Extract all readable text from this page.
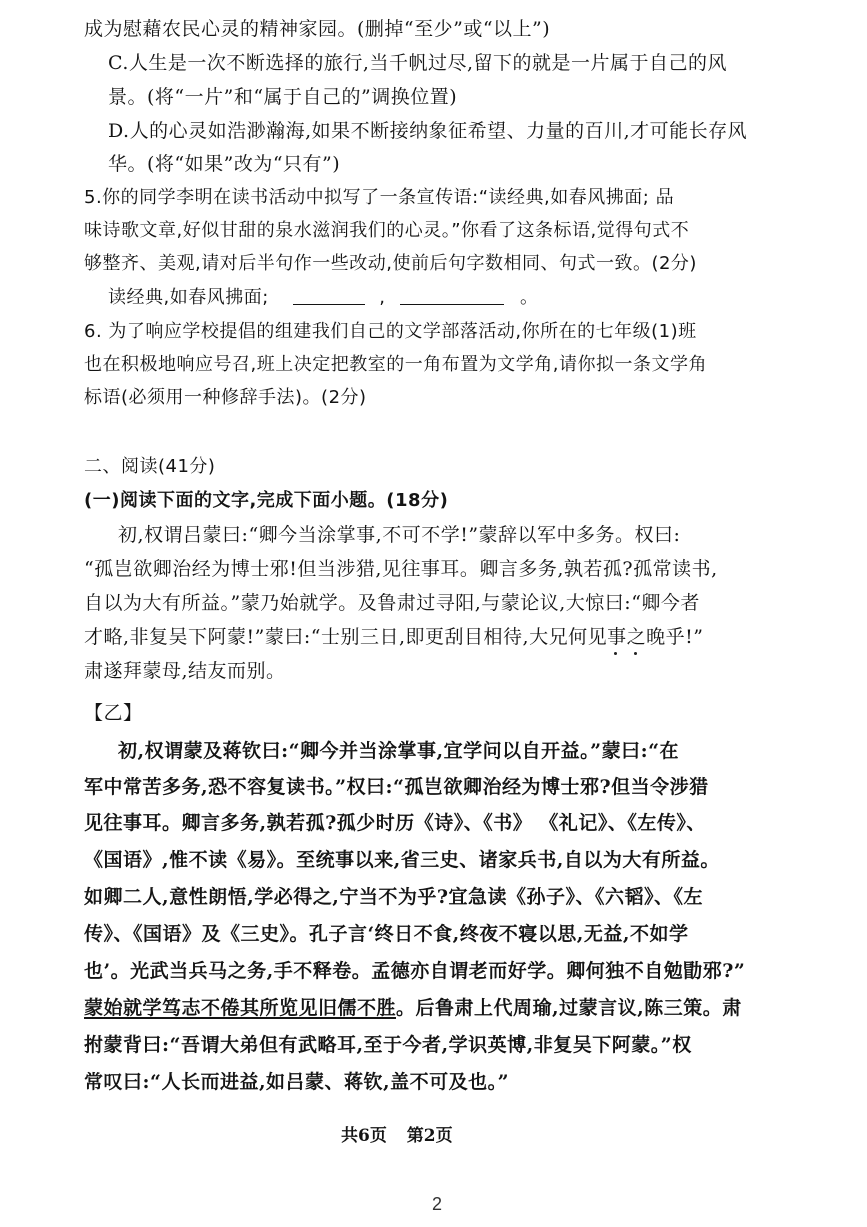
成为慰藉农民心灵的精神家园。(删掉“至少”或“以上”)
C.人生是一次不断选择的旅行,当千帆过尽,留下的就是一片属于自己的风
景。(将“一片”和“属于自己的”调换位置)
D.人的心灵如浩渺瀚海,如果不断接纳象征希望、力量的百川,才可能长存风
华。(将“如果”改为“只有”)
5.你的同学李明在读书活动中拟写了一条宣传语:“读经典,如春风拂面; 品
味诗歌文章,好似甘甜的泉水滋润我们的心灵。”你看了这条标语,觉得句式不
够整齐、美观,请对后半句作一些改动,使前后句字数相同、句式一致。(2分)
读经典,如春风拂面;	,	。
6. 为了响应学校提倡的组建我们自己的文学部落活动,你所在的七年级(1)班
也在积极地响应号召,班上决定把教室的一角布置为文学角,请你拟一条文学角
标语(必须用一种修辞手法)。(2分)
二、阅读(41分)
(一)阅读下面的文字,完成下面小题。(18分)
初,权谓吕蒙曰:“卿今当涂掌事,不可不学!”蒙辞以军中多务。权曰:
“孤岂欲卿治经为博士邪!但当涉猎,见往事耳。卿言多务,孰若孤?孤常读书,
自以为大有所益。”蒙乃始就学。及鲁肃过寻阳,与蒙论议,大惊曰:“卿今者
才略,非复吴下阿蒙!”蒙曰:“士别三日,即更刮目相待,大兄何见事之晚乎!”
肃遂拜蒙母,结友而别。
【乙】
初,权谓蒙及蒋钦曰:“卿今并当涂掌事,宜学问以自开益。”蒙曰:“在
军中常苦多务,恐不容复读书。”权曰:“孤岂欲卿治经为博士邪?但当令涉猎
见往事耳。卿言多务,孰若孤?孤少时历《诗》、《书》 《礼记》、《左传》、
《国语》,惟不读《易》。至统事以来,省三史、诸家兵书,自以为大有所益。
如卿二人,意性朗悟,学必得之,宁当不为乎?宜急读《孙子》、《六韬》、《左
传》、《国语》及《三史》。孔子言‘终日不食,终夜不寝以思,无益,不如学
也’。光武当兵马之务,手不释卷。孟德亦自谓老而好学。卿何独不自勉勖邪?”
蒙始就学笃志不倦其所览见旧儒不胜。后鲁肃上代周瑜,过蒙言议,陈三策。肃
拊蒙背曰:“吾谓大弟但有武略耳,至于今者,学识英博,非复吴下阿蒙。”权
常叹曰:“人长而进益,如吕蒙、蒋钦,盖不可及也。”
共6页 第2页
2
